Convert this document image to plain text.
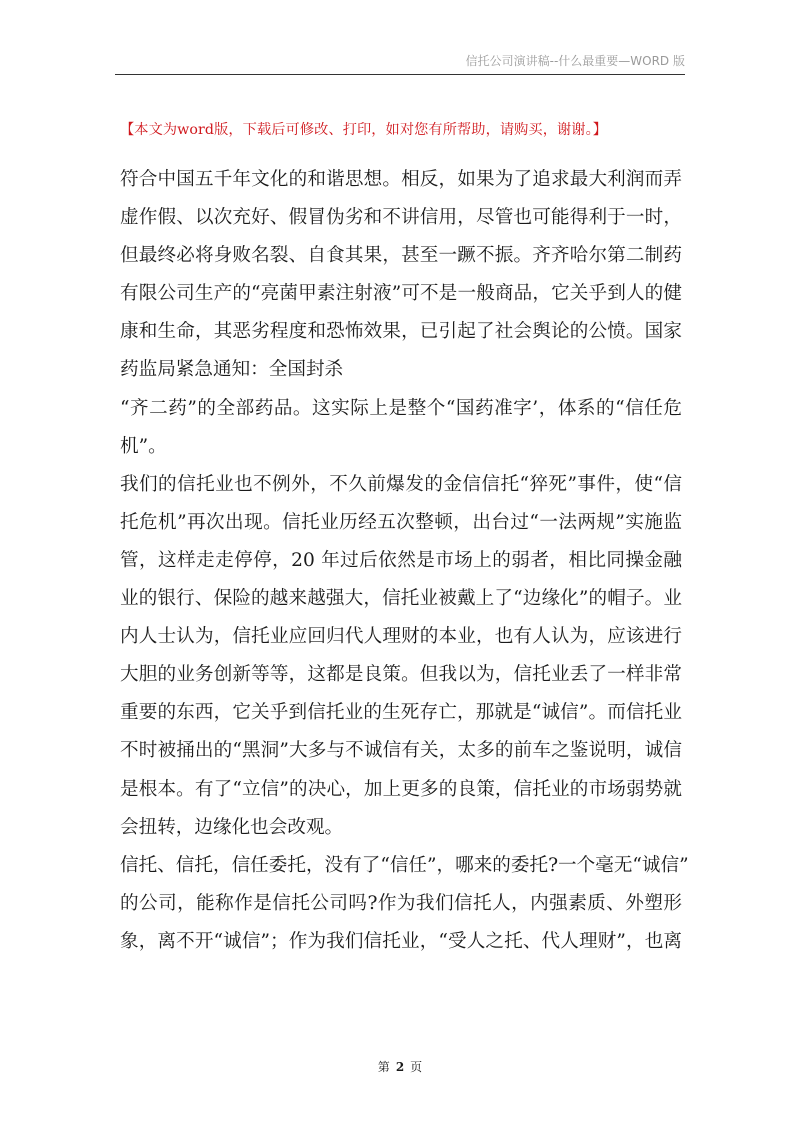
信托公司演讲稿--什么最重要—WORD 版
【本文为word版，下载后可修改、打印，如对您有所帮助，请购买，谢谢。】
符合中国五千年文化的和谐思想。相反，如果为了追求最大利润而弄
虚作假、以次充好、假冒伪劣和不讲信用，尽管也可能得利于一时，
但最终必将身败名裂、自食其果，甚至一蹶不振。齐齐哈尔第二制药
有限公司生产的“亮菌甲素注射液”可不是一般商品，它关乎到人的健
康和生命，其恶劣程度和恐怖效果，已引起了社会舆论的公愤。国家
药监局紧急通知：全国封杀
“齐二药”的全部药品。这实际上是整个“国药准字’，体系的“信任危
机”。
我们的信托业也不例外，不久前爆发的金信信托“猝死”事件，使“信
托危机”再次出现。信托业历经五次整顿，出台过“一法两规”实施监
管，这样走走停停，20 年过后依然是市场上的弱者，相比同操金融
业的银行、保险的越来越强大，信托业被戴上了“边缘化”的帽子。业
内人士认为，信托业应回归代人理财的本业，也有人认为，应该进行
大胆的业务创新等等，这都是良策。但我以为，信托业丢了一样非常
重要的东西，它关乎到信托业的生死存亡，那就是“诚信”。而信托业
不时被捅出的“黑洞”大多与不诚信有关，太多的前车之鉴说明，诚信
是根本。有了“立信”的决心，加上更多的良策，信托业的市场弱势就
会扭转，边缘化也会改观。
信托、信托，信任委托，没有了“信任”，哪来的委托?一个毫无“诚信”
的公司，能称作是信托公司吗?作为我们信托人，内强素质、外塑形
象，离不开“诚信”；作为我们信托业，“受人之托、代人理财”，也离
第 2 页
